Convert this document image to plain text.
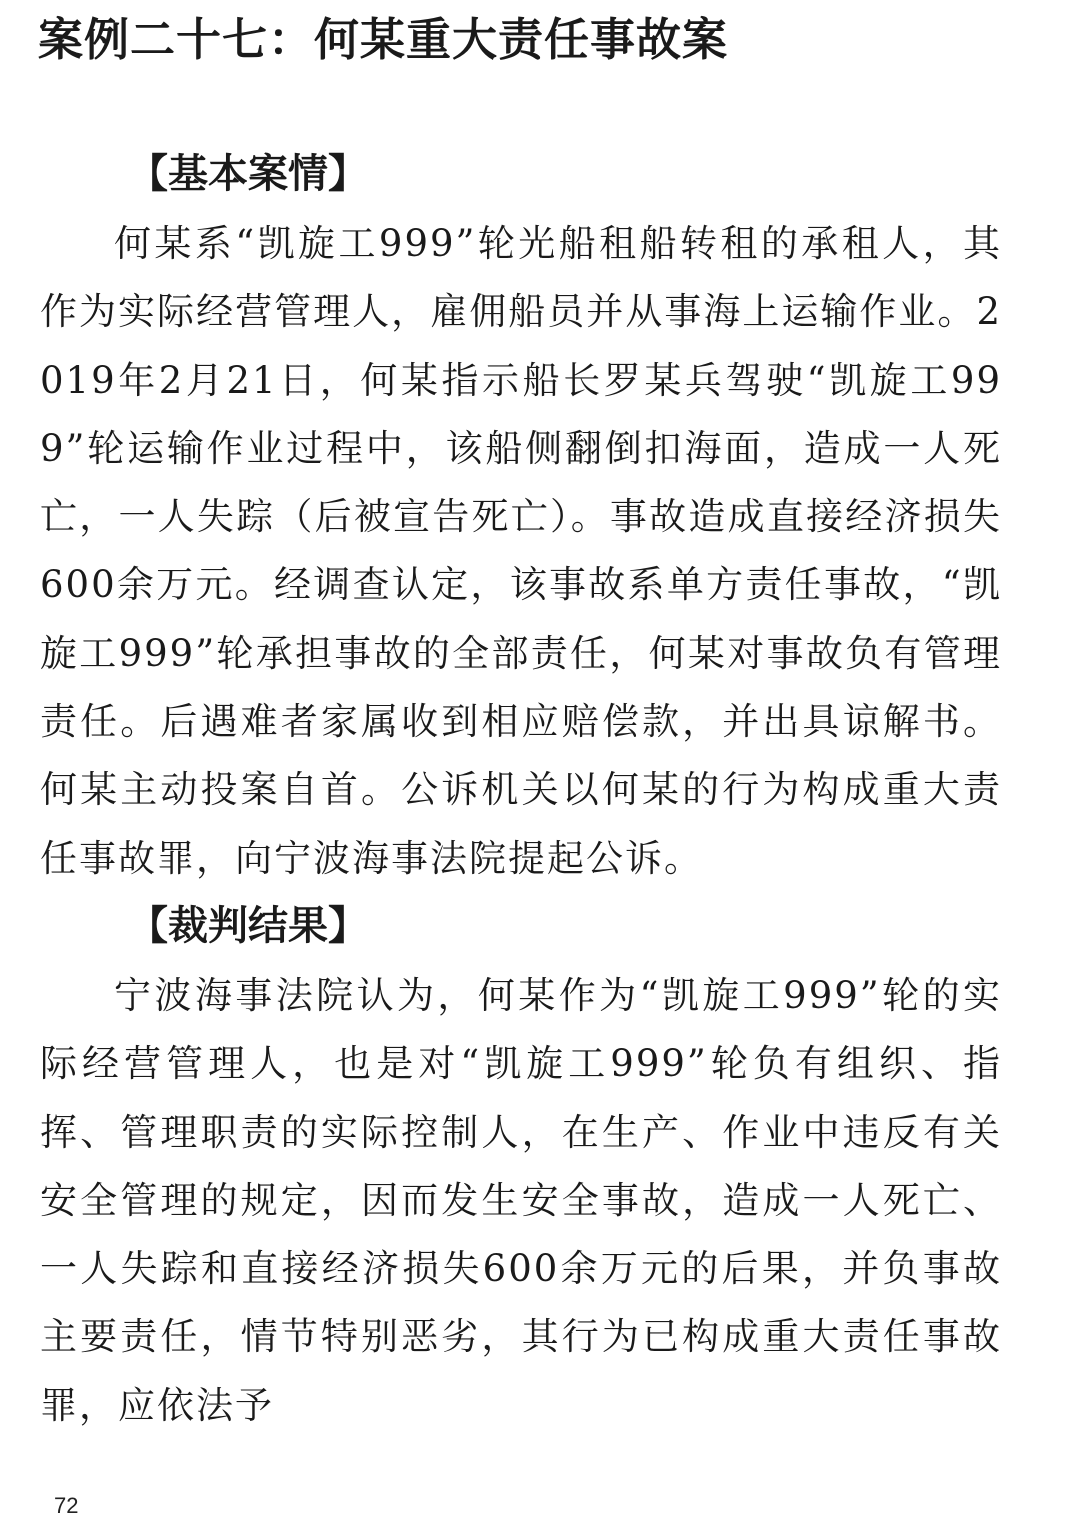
案例二十七：何某重大责任事故案
【基本案情】

何某系“凯旋工999”轮光船租船转租的承租人，其作为实际经营管理人，雇佣船员并从事海上运输作业。2019年2月21日，何某指示船长罗某兵驾驶“凯旋工999”轮运输作业过程中，该船侧翻倒扣海面，造成一人死亡，一人失踪（后被宣告死亡）。事故造成直接经济损失600余万元。经调查认定，该事故系单方责任事故，“凯旋工999”轮承担事故的全部责任，何某对事故负有管理责任。后遇难者家属收到相应赔偿款，并出具谅解书。何某主动投案自首。公诉机关以何某的行为构成重大责任事故罪，向宁波海事法院提起公诉。

【裁判结果】

宁波海事法院认为，何某作为“凯旋工999”轮的实际经营管理人，也是对“凯旋工999”轮负有组织、指挥、管理职责的实际控制人，在生产、作业中违反有关安全管理的规定，因而发生安全事故，造成一人死亡、一人失踪和直接经济损失600余万元的后果，并负事故主要责任，情节特别恶劣，其行为已构成重大责任事故罪，应依法予

72
